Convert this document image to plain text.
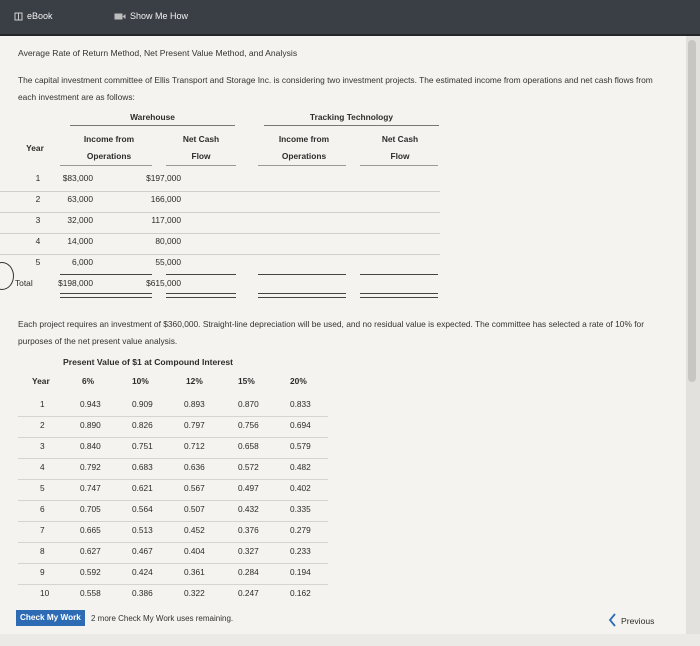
eBook	Show Me How
Average Rate of Return Method, Net Present Value Method, and Analysis
The capital investment committee of Ellis Transport and Storage Inc. is considering two investment projects. The estimated income from operations and net cash flows from each investment are as follows:
Warehouse	Tracking Technology
Year
Income from
Operations
Net Cash
Flow
Income from
Operations
Net Cash
Flow
1	$83,000	$197,000
2	63,000	166,000
3	32,000	117,000
4	14,000	80,000
5	6,000	55,000
Total	$198,000	$615,000
Each project requires an investment of $360,000. Straight-line depreciation will be used, and no residual value is expected. The committee has selected a rate of 10% for purposes of the net present value analysis.
Present Value of $1 at Compound Interest
Year	6%	10%	12%	15%	20%
Check My Work	2 more Check My Work uses remaining.	Previous
1	0.943	0.909	0.893	0.870	0.833
2	0.890	0.826	0.797	0.756	0.694
3	0.840	0.751	0.712	0.658	0.579
4	0.792	0.683	0.636	0.572	0.482
5	0.747	0.621	0.567	0.497	0.402
6	0.705	0.564	0.507	0.432	0.335
7	0.665	0.513	0.452	0.376	0.279
8	0.627	0.467	0.404	0.327	0.233
9	0.592	0.424	0.361	0.284	0.194
10	0.558	0.386	0.322	0.247	0.162
